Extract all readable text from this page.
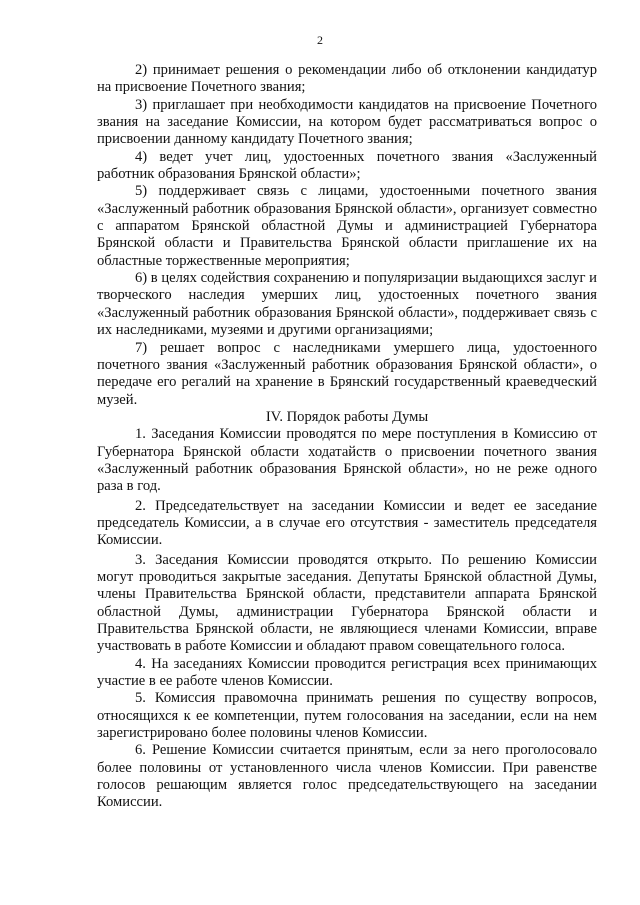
2

2) принимает решения о рекомендации либо об отклонении кандидатур на присвоение Почетного звания;

3) приглашает при необходимости кандидатов на присвоение Почетного звания на заседание Комиссии, на котором будет рассматриваться вопрос о присвоении данному кандидату Почетного звания;

4) ведет учет лиц, удостоенных почетного звания «Заслуженный работник образования Брянской области»;

5) поддерживает связь с лицами, удостоенными почетного звания «Заслуженный работник образования Брянской области», организует совместно с аппаратом Брянской областной Думы и администрацией Губернатора Брянской области и Правительства Брянской области приглашение их на областные торжественные мероприятия;

6) в целях содействия сохранению и популяризации выдающихся заслуг и творческого наследия умерших лиц, удостоенных почетного звания «Заслуженный работник образования Брянской области», поддерживает связь с их наследниками, музеями и другими организациями;

7) решает вопрос с наследниками умершего лица, удостоенного почетного звания «Заслуженный работник образования Брянской области», о передаче его регалий на хранение в Брянский государственный краеведческий музей.

IV. Порядок работы Думы

1. Заседания Комиссии проводятся по мере поступления в Комиссию от Губернатора Брянской области ходатайств о присвоении почетного звания «Заслуженный работник образования Брянской области», но не реже одного раза в год.

2. Председательствует на заседании Комиссии и ведет ее заседание председатель Комиссии, а в случае его отсутствия - заместитель председателя Комиссии.

3. Заседания Комиссии проводятся открыто. По решению Комиссии могут проводиться закрытые заседания. Депутаты Брянской областной Думы, члены Правительства Брянской области, представители аппарата Брянской областной Думы, администрации Губернатора Брянской области и Правительства Брянской области, не являющиеся членами Комиссии, вправе участвовать в работе Комиссии и обладают правом совещательного голоса.

4. На заседаниях Комиссии проводится регистрация всех принимающих участие в ее работе членов Комиссии.

5. Комиссия правомочна принимать решения по существу вопросов, относящихся к ее компетенции, путем голосования на заседании, если на нем зарегистрировано более половины членов Комиссии.

6. Решение Комиссии считается принятым, если за него проголосовало более половины от установленного числа членов Комиссии. При равенстве голосов решающим является голос председательствующего на заседании Комиссии.
